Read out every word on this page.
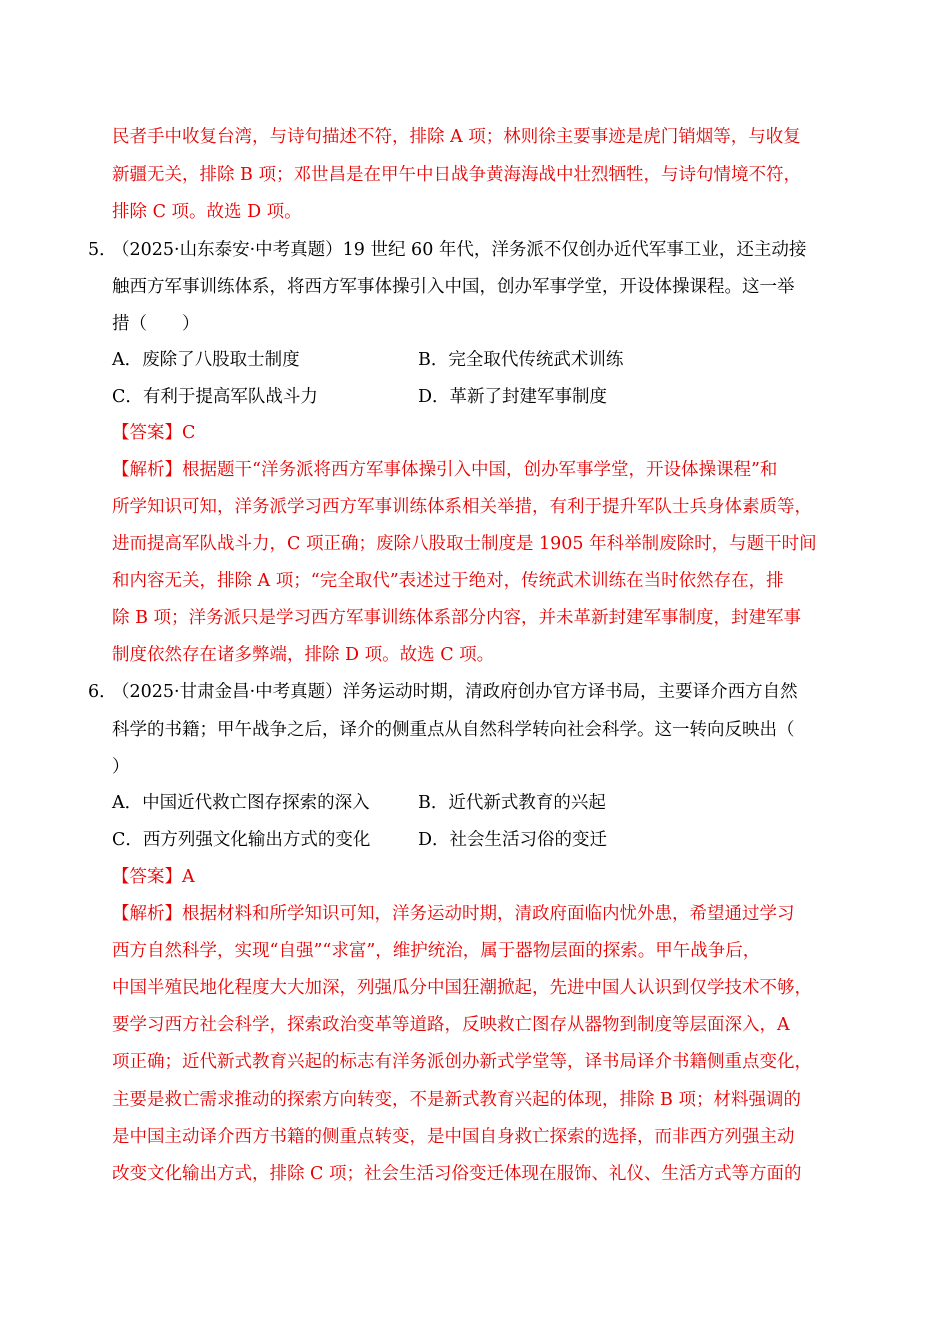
民者手中收复台湾，与诗句描述不符，排除 A 项；林则徐主要事迹是虎门销烟等，与收复
新疆无关，排除 B 项；邓世昌是在甲午中日战争黄海海战中壮烈牺牲，与诗句情境不符，
排除 C 项。故选 D 项。
5．
（2025·山东泰安·中考真题）19 世纪 60 年代，洋务派不仅创办近代军事工业，还主动接
触西方军事训练体系，将西方军事体操引入中国，创办军事学堂，开设体操课程。这一举
措（　　）
A．废除了八股取士制度	B．完全取代传统武术训练
C．有利于提高军队战斗力	D．革新了封建军事制度
【答案】C
【解析】根据题干“洋务派将西方军事体操引入中国，创办军事学堂，开设体操课程”和
所学知识可知，洋务派学习西方军事训练体系相关举措，有利于提升军队士兵身体素质等，
进而提高军队战斗力，C 项正确；废除八股取士制度是 1905 年科举制废除时，与题干时间
和内容无关，排除 A 项；“完全取代”表述过于绝对，传统武术训练在当时依然存在，排
除 B 项；洋务派只是学习西方军事训练体系部分内容，并未革新封建军事制度，封建军事
制度依然存在诸多弊端，排除 D 项。故选 C 项。
6．
（2025·甘肃金昌·中考真题）洋务运动时期，清政府创办官方译书局，主要译介西方自然
科学的书籍；甲午战争之后，译介的侧重点从自然科学转向社会科学。这一转向反映出（
）
A．中国近代救亡图存探索的深入	B．近代新式教育的兴起
C．西方列强文化输出方式的变化	D．社会生活习俗的变迁
【答案】A
【解析】根据材料和所学知识可知，洋务运动时期，清政府面临内忧外患，希望通过学习
西方自然科学，实现“自强”“求富”，维护统治，属于器物层面的探索。甲午战争后，
中国半殖民地化程度大大加深，列强瓜分中国狂潮掀起，先进中国人认识到仅学技术不够，
要学习西方社会科学，探索政治变革等道路，反映救亡图存从器物到制度等层面深入，A
项正确；近代新式教育兴起的标志有洋务派创办新式学堂等，译书局译介书籍侧重点变化，
主要是救亡需求推动的探索方向转变，不是新式教育兴起的体现，排除 B 项；材料强调的
是中国主动译介西方书籍的侧重点转变，是中国自身救亡探索的选择，而非西方列强主动
改变文化输出方式，排除 C 项；社会生活习俗变迁体现在服饰、礼仪、生活方式等方面的
